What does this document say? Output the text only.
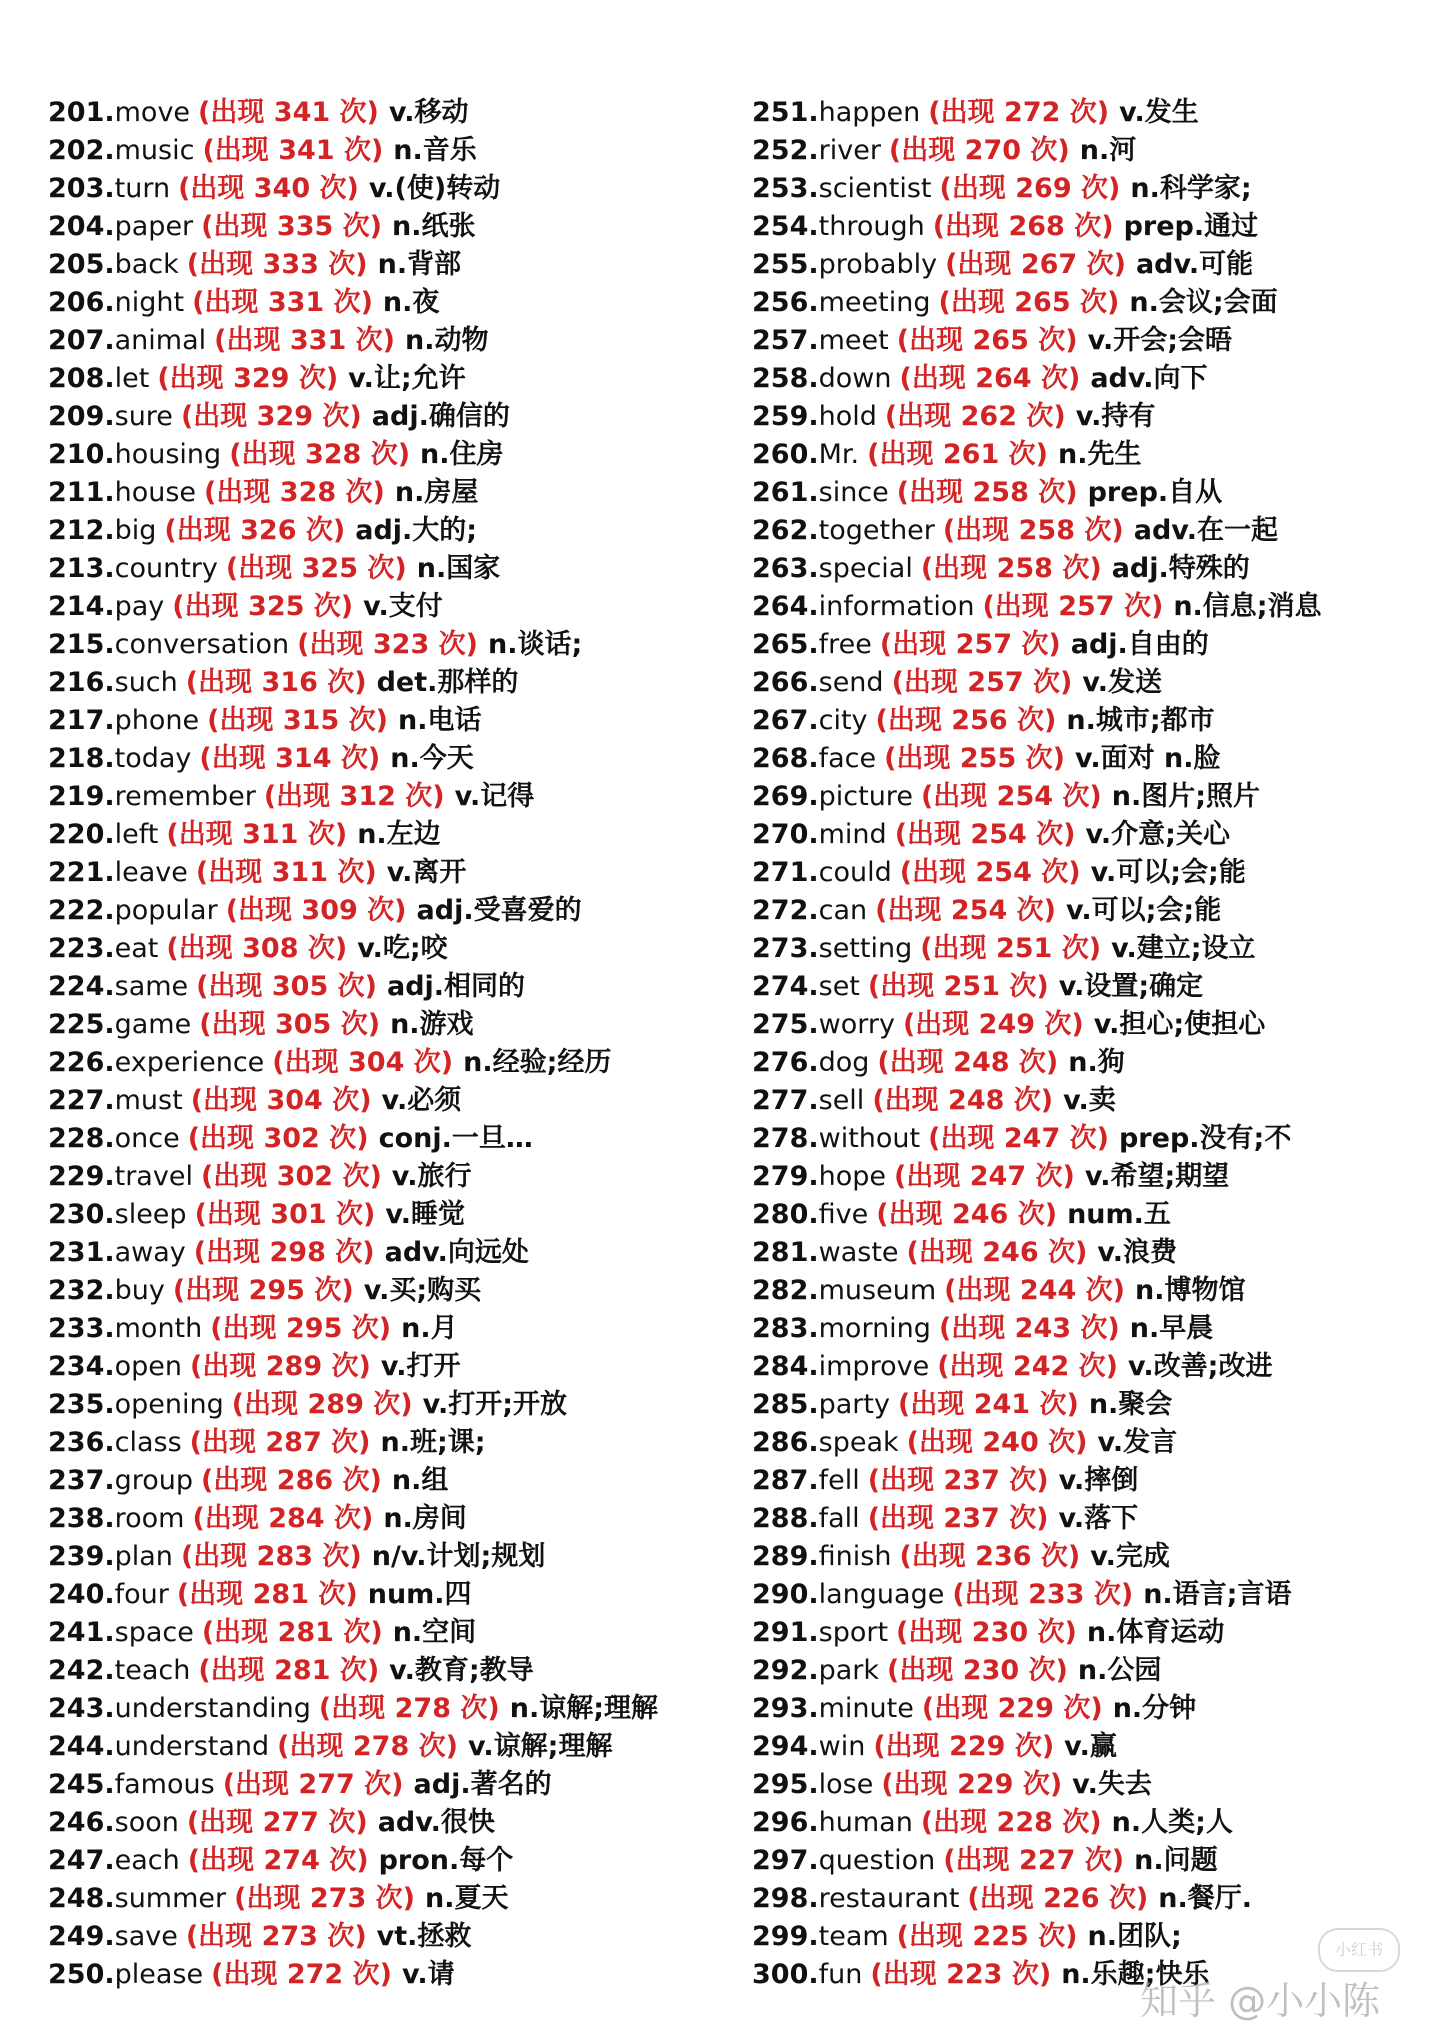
201.move (出现 341 次) v.移动
202.music (出现 341 次) n.音乐
203.turn (出现 340 次) v.(使)转动
204.paper (出现 335 次) n.纸张
205.back (出现 333 次) n.背部
206.night (出现 331 次) n.夜
207.animal (出现 331 次) n.动物
208.let (出现 329 次) v.让;允许
209.sure (出现 329 次) adj.确信的
210.housing (出现 328 次) n.住房
211.house (出现 328 次) n.房屋
212.big (出现 326 次) adj.大的;
213.country (出现 325 次) n.国家
214.pay (出现 325 次) v.支付
215.conversation (出现 323 次) n.谈话;
216.such (出现 316 次) det.那样的
217.phone (出现 315 次) n.电话
218.today (出现 314 次) n.今天
219.remember (出现 312 次) v.记得
220.left (出现 311 次) n.左边
221.leave (出现 311 次) v.离开
222.popular (出现 309 次) adj.受喜爱的
223.eat (出现 308 次) v.吃;咬
224.same (出现 305 次) adj.相同的
225.game (出现 305 次) n.游戏
226.experience (出现 304 次) n.经验;经历
227.must (出现 304 次) v.必须
228.once (出现 302 次) conj.一旦…
229.travel (出现 302 次) v.旅行
230.sleep (出现 301 次) v.睡觉
231.away (出现 298 次) adv.向远处
232.buy (出现 295 次) v.买;购买
233.month (出现 295 次) n.月
234.open (出现 289 次) v.打开
235.opening (出现 289 次) v.打开;开放
236.class (出现 287 次) n.班;课;
237.group (出现 286 次) n.组
238.room (出现 284 次) n.房间
239.plan (出现 283 次) n/v.计划;规划
240.four (出现 281 次) num.四
241.space (出现 281 次) n.空间
242.teach (出现 281 次) v.教育;教导
243.understanding (出现 278 次) n.谅解;理解
244.understand (出现 278 次) v.谅解;理解
245.famous (出现 277 次) adj.著名的
246.soon (出现 277 次) adv.很快
247.each (出现 274 次) pron.每个
248.summer (出现 273 次) n.夏天
249.save (出现 273 次) vt.拯救
250.please (出现 272 次) v.请
251.happen (出现 272 次) v.发生
252.river (出现 270 次) n.河
253.scientist (出现 269 次) n.科学家;
254.through (出现 268 次) prep.通过
255.probably (出现 267 次) adv.可能
256.meeting (出现 265 次) n.会议;会面
257.meet (出现 265 次) v.开会;会晤
258.down (出现 264 次) adv.向下
259.hold (出现 262 次) v.持有
260.Mr. (出现 261 次) n.先生
261.since (出现 258 次) prep.自从
262.together (出现 258 次) adv.在一起
263.special (出现 258 次) adj.特殊的
264.information (出现 257 次) n.信息;消息
265.free (出现 257 次) adj.自由的
266.send (出现 257 次) v.发送
267.city (出现 256 次) n.城市;都市
268.face (出现 255 次) v.面对 n.脸
269.picture (出现 254 次) n.图片;照片
270.mind (出现 254 次) v.介意;关心
271.could (出现 254 次) v.可以;会;能
272.can (出现 254 次) v.可以;会;能
273.setting (出现 251 次) v.建立;设立
274.set (出现 251 次) v.设置;确定
275.worry (出现 249 次) v.担心;使担心
276.dog (出现 248 次) n.狗
277.sell (出现 248 次) v.卖
278.without (出现 247 次) prep.没有;不
279.hope (出现 247 次) v.希望;期望
280.five (出现 246 次) num.五
281.waste (出现 246 次) v.浪费
282.museum (出现 244 次) n.博物馆
283.morning (出现 243 次) n.早晨
284.improve (出现 242 次) v.改善;改进
285.party (出现 241 次) n.聚会
286.speak (出现 240 次) v.发言
287.fell (出现 237 次) v.摔倒
288.fall (出现 237 次) v.落下
289.finish (出现 236 次) v.完成
290.language (出现 233 次) n.语言;言语
291.sport (出现 230 次) n.体育运动
292.park (出现 230 次) n.公园
293.minute (出现 229 次) n.分钟
294.win (出现 229 次) v.赢
295.lose (出现 229 次) v.失去
296.human (出现 228 次) n.人类;人
297.question (出现 227 次) n.问题
298.restaurant (出现 226 次) n.餐厅.
299.team (出现 225 次) n.团队;
300.fun (出现 223 次) n.乐趣;快乐
小红书
知乎 @小小陈
